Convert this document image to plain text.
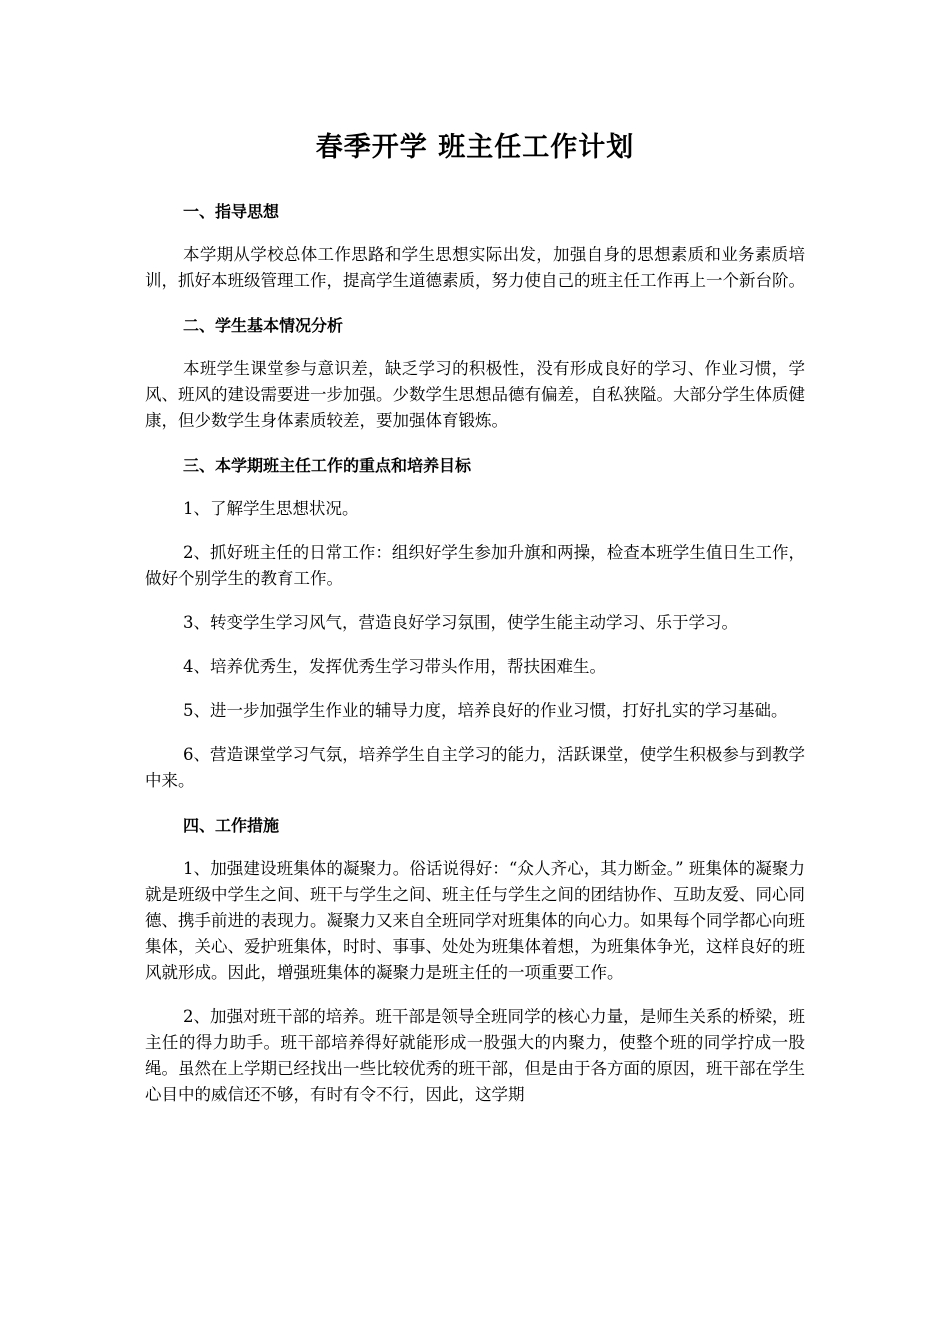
春季开学 班主任工作计划
一、指导思想

本学期从学校总体工作思路和学生思想实际出发，加强自身的思想素质和业务素质培训，抓好本班级管理工作，提高学生道德素质，努力使自己的班主任工作再上一个新台阶。

二、学生基本情况分析

本班学生课堂参与意识差，缺乏学习的积极性，没有形成良好的学习、作业习惯，学风、班风的建设需要进一步加强。少数学生思想品德有偏差，自私狭隘。大部分学生体质健康，但少数学生身体素质较差，要加强体育锻炼。

三、本学期班主任工作的重点和培养目标

1、了解学生思想状况。

2、抓好班主任的日常工作：组织好学生参加升旗和两操，检查本班学生值日生工作，做好个别学生的教育工作。

3、转变学生学习风气，营造良好学习氛围，使学生能主动学习、乐于学习。

4、培养优秀生，发挥优秀生学习带头作用，帮扶困难生。

5、进一步加强学生作业的辅导力度，培养良好的作业习惯，打好扎实的学习基础。

6、营造课堂学习气氛，培养学生自主学习的能力，活跃课堂，使学生积极参与到教学中来。

四、工作措施

1、加强建设班集体的凝聚力。俗话说得好：“众人齐心，其力断金。” 班集体的凝聚力就是班级中学生之间、班干与学生之间、班主任与学生之间的团结协作、互助友爱、同心同德、携手前进的表现力。凝聚力又来自全班同学对班集体的向心力。如果每个同学都心向班集体，关心、爱护班集体，时时、事事、处处为班集体着想，为班集体争光，这样良好的班风就形成。因此，增强班集体的凝聚力是班主任的一项重要工作。

2、加强对班干部的培养。班干部是领导全班同学的核心力量，是师生关系的桥梁，班主任的得力助手。班干部培养得好就能形成一股强大的内聚力，使整个班的同学拧成一股绳。虽然在上学期已经找出一些比较优秀的班干部，但是由于各方面的原因，班干部在学生心目中的威信还不够，有时有令不行，因此，这学期
